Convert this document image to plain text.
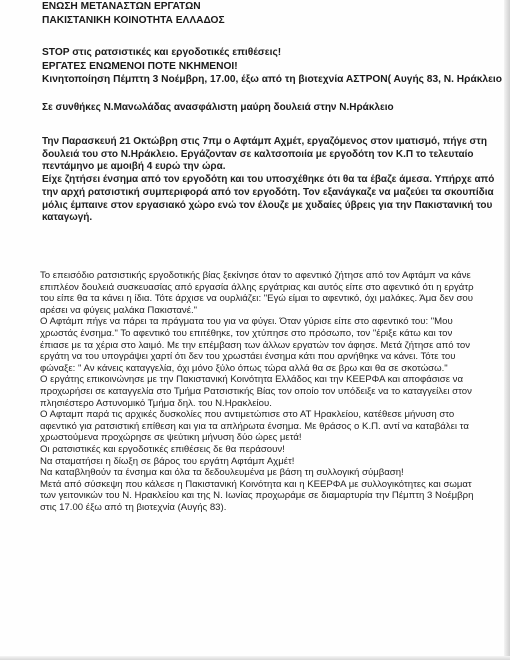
ΕΝΩΣΗ ΜΕΤΑΝΑΣΤΩΝ ΕΡΓΑΤΩΝ
ΠΑΚΙΣΤΑΝΙΚΗ ΚΟΙΝΟΤΗΤΑ ΕΛΛΑΔΟΣ
STOP στις ρατσιστικές και εργοδοτικές επιθέσεις!
ΕΡΓΑΤΕΣ ΕΝΩΜΕΝΟΙ ΠΟΤΕ ΝΚΗΜΕΝΟΙ!
Κινητοποίηση Πέμπτη 3 Νοέμβρη, 17.00, έξω από τη βιοτεχνία ΑΣΤΡΟΝ( Αυγής 83, Ν. Ηράκλειο
Σε συνθήκες Ν.Μανωλάδας ανασφάλιστη μαύρη δουλειά στην Ν.Ηράκλειο
Την Παρασκευή 21 Οκτώβρη στις 7πμ ο Αφτάμπ Αχμέτ, εργαζόμενος στον ιματισμό, πήγε στη
δουλειά του στο Ν.Ηράκλειο. Εργάζονταν σε καλτσοποιία με εργοδότη τον Κ.Π το τελευταίο
πεντάμηνο με αμοιβή 4 ευρώ την ώρα.
Είχε ζητήσει ένσημα από τον εργοδότη και του υποσχέθηκε ότι θα τα έβαζε άμεσα. Υπήρχε από
την αρχή ρατσιστική συμπεριφορά από τον εργοδότη. Τον εξανάγκαζε να μαζεύει τα σκουπίδια
μόλις έμπαινε στον εργασιακό χώρο ενώ τον έλουζε με χυδαίες ύβρεις για την Πακιστανική του
καταγωγή.
Το επεισόδιο ρατσιστικής εργοδοτικής βίας ξεκίνησε όταν το αφεντικό ζήτησε από τον Αφτάμπ να κάνε
επιπλέον δουλειά συσκευασίας από εργασία άλλης εργάτριας και αυτός είπε στο αφεντικό ότι η εργάτρ
του είπε θα τα κάνει η ίδια. Τότε άρχισε να ουρλιάζει: "Εγώ είμαι το αφεντικό, όχι μαλάκες. Άμα δεν σου
αρέσει να φύγεις μαλάκα Πακιστανέ."
Ο Αφτάμπ πήγε να πάρει τα πράγματα του για να φύγει. Όταν γύρισε είπε στο αφεντικό του: "Μου
χρωστάς ένσημα." Το αφεντικό του επιτέθηκε, τον χτύπησε στο πρόσωπο, τον "έριξε κάτω και τον
έπιασε με τα χέρια στο λαιμό. Με την επέμβαση των άλλων εργατών τον άφησε. Μετά ζήτησε από τον
εργάτη να του υπογράψει χαρτί ότι δεν του χρωστάει ένσημα κάτι που αρνήθηκε να κάνει. Τότε του
φώναξε: " Αν κάνεις καταγγελία, όχι μόνο ξύλο όπως τώρα αλλά θα σε βρω και θα σε σκοτώσω."
Ο εργάτης επικοινώνησε με την Πακιστανική Κοινότητα Ελλάδος και την ΚΕΕΡΦΑ και αποφάσισε να
προχωρήσει σε καταγγελία στο Τμήμα Ρατσιστικής Βίας τον οποίο τον υπόδειξε να το καταγγείλει στον
πλησιέστερο Αστυνομικό Τμήμα δηλ. του Ν.Ηρακλείου.
Ο Αφταμπ παρά τις αρχικές δυσκολίες που αντιμετώπισε στο ΑΤ Ηρακλείου, κατέθεσε μήνυση στο
αφεντικό για ρατσιστική επίθεση και για τα απλήρωτα ένσημα. Με θράσος ο Κ.Π. αντί να καταβάλει τα
χρωστούμενα προχώρησε σε ψεύτικη μήνυση δύο ώρες μετά!
Οι ρατσιστικές και εργοδοτικές επιθέσεις δε θα περάσουν!
Να σταματήσει η δίωξη σε βάρος του εργάτη Αφτάμπ Αχμέτ!
Να καταβληθούν τα ένσημα και όλα τα δεδουλευμένα με βάση τη συλλογική σύμβαση!
Μετά από σύσκεψη που κάλεσε η Πακιστανική Κοινότητα και η ΚΕΕΡΦΑ με συλλογικότητες και σωματ
των γειτονικών του Ν. Ηρακλείου και της Ν. Ιωνίας προχωράμε σε διαμαρτυρία την Πέμπτη 3 Νοέμβρη
στις 17.00 έξω από τη βιοτεχνία (Αυγής 83).
